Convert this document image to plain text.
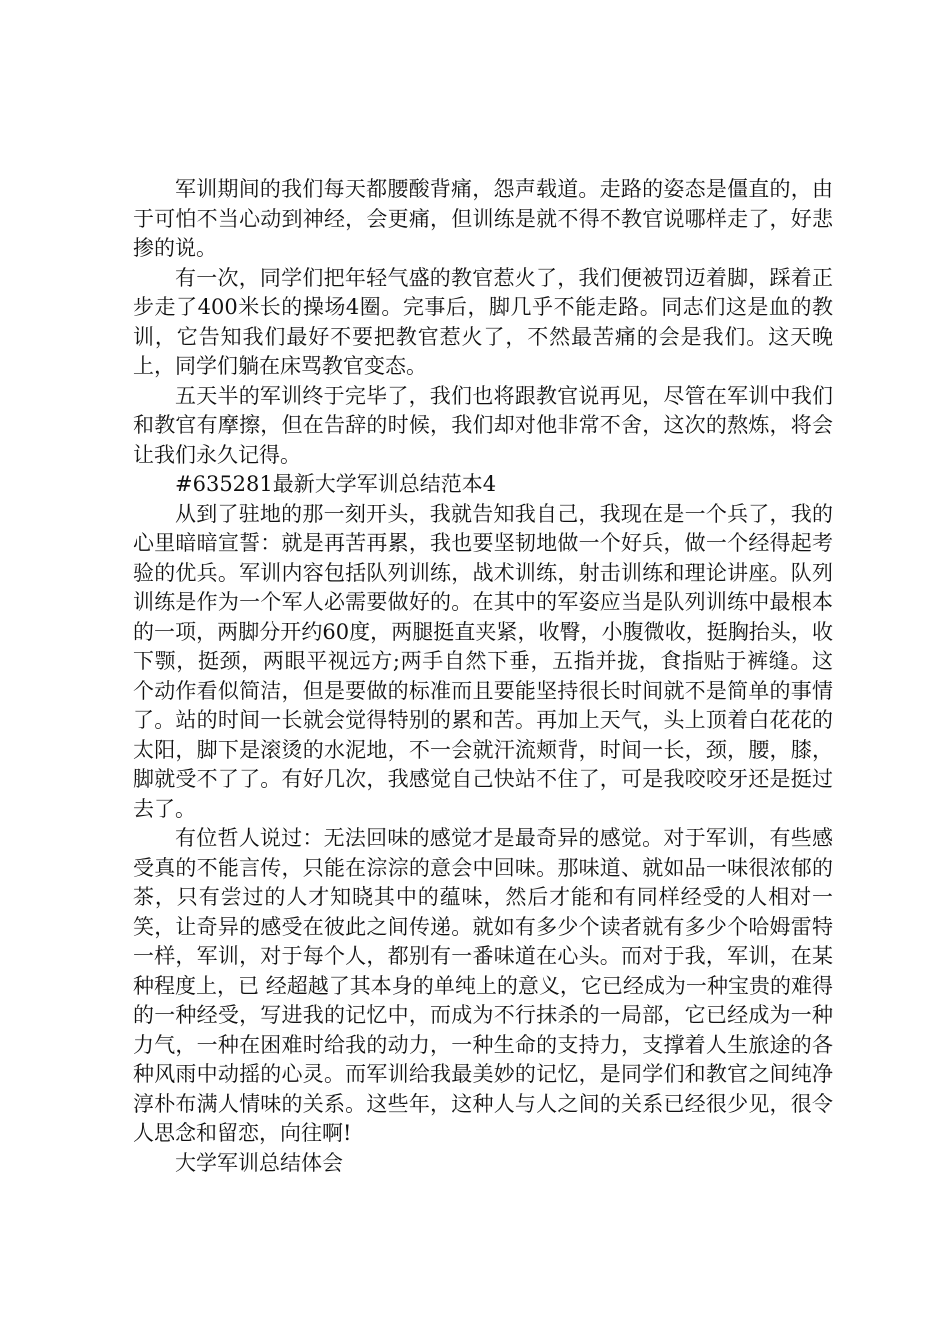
军训期间的我们每天都腰酸背痛，怨声载道。走路的姿态是僵直的，由于可怕不当心动到神经，会更痛，但训练是就不得不教官说哪样走了，好悲掺的说。

有一次，同学们把年轻气盛的教官惹火了，我们便被罚迈着脚，踩着正步走了400米长的操场4圈。完事后，脚几乎不能走路。同志们这是血的教训，它告知我们最好不要把教官惹火了，不然最苦痛的会是我们。这天晚上，同学们躺在床骂教官变态。

五天半的军训终于完毕了，我们也将跟教官说再见，尽管在军训中我们和教官有摩擦，但在告辞的时候，我们却对他非常不舍，这次的熬炼，将会让我们永久记得。

#635281最新大学军训总结范本4

从到了驻地的那一刻开头，我就告知我自己，我现在是一个兵了，我的心里暗暗宣誓：就是再苦再累，我也要坚韧地做一个好兵，做一个经得起考验的优兵。军训内容包括队列训练，战术训练，射击训练和理论讲座。队列训练是作为一个军人必需要做好的。在其中的军姿应当是队列训练中最根本的一项，两脚分开约60度，两腿挺直夹紧，收臀，小腹微收，挺胸抬头，收下颚，挺颈，两眼平视远方;两手自然下垂，五指并拢，食指贴于裤缝。这个动作看似简洁，但是要做的标准而且要能坚持很长时间就不是简单的事情了。站的时间一长就会觉得特别的累和苦。再加上天气，头上顶着白花花的太阳，脚下是滚烫的水泥地，不一会就汗流颊背，时间一长，颈，腰，膝，脚就受不了了。有好几次，我感觉自己快站不住了，可是我咬咬牙还是挺过去了。

有位哲人说过：无法回味的感觉才是最奇异的感觉。对于军训，有些感受真的不能言传，只能在淙淙的意会中回味。那味道、就如品一味很浓郁的茶，只有尝过的人才知晓其中的蕴味，然后才能和有同样经受的人相对一笑，让奇异的感受在彼此之间传递。就如有多少个读者就有多少个哈姆雷特一样，军训，对于每个人，都别有一番味道在心头。而对于我，军训，在某种程度上，已 经超越了其本身的单纯上的意义，它已经成为一种宝贵的难得的一种经受，写进我的记忆中，而成为不行抹杀的一局部，它已经成为一种力气，一种在困难时给我的动力，一种生命的支持力，支撑着人生旅途的各种风雨中动摇的心灵。而军训给我最美妙的记忆，是同学们和教官之间纯净淳朴布满人情味的关系。这些年，这种人与人之间的关系已经很少见，很令人思念和留恋，向往啊!

大学军训总结体会
